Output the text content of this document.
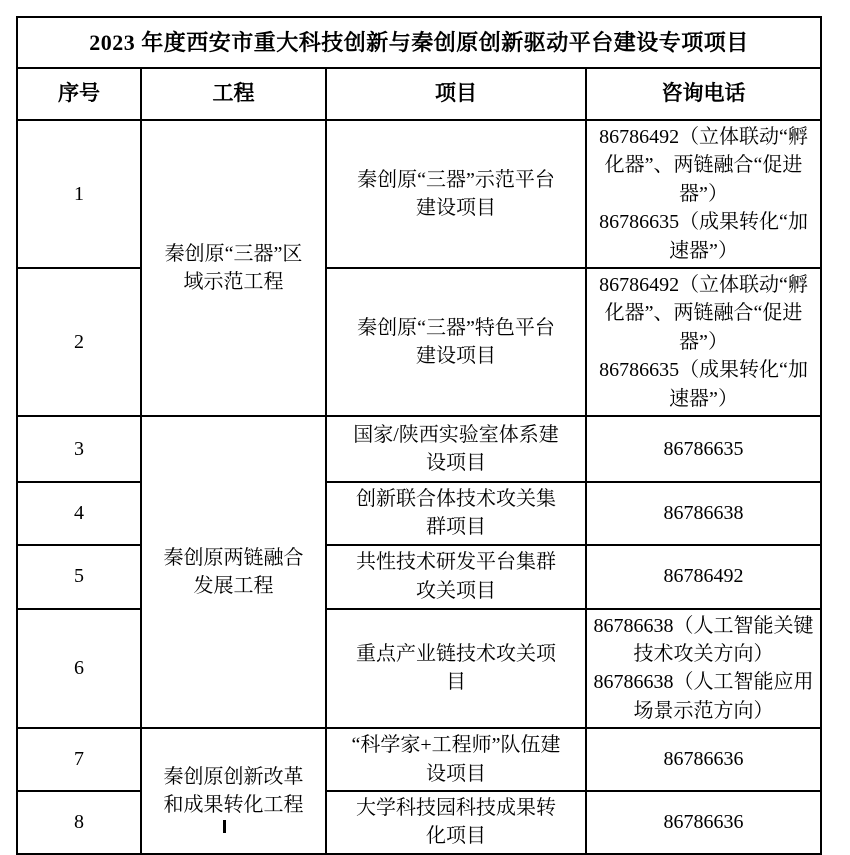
2023 年度西安市重大科技创新与秦创原创新驱动平台建设专项项目			
序号	工程	项目	咨询电话
1	秦创原“三器”区域示范工程	秦创原“三器”示范平台建设项目	86786492（立体联动“孵化器”、两链融合“促进器”）
86786635（成果转化“加速器”）

2		秦创原“三器”特色平台建设项目	86786492（立体联动“孵化器”、两链融合“促进器”）
86786635（成果转化“加速器”）

3	秦创原两链融合发展工程	国家/陕西实验室体系建设项目	86786635

4		创新联合体技术攻关集群项目	86786638

5		共性技术研发平台集群攻关项目	86786492

6		重点产业链技术攻关项目	86786638（人工智能关键技术攻关方向）
86786638（人工智能应用场景示范方向）

7	秦创原创新改革和成果转化工程	“科学家+工程师”队伍建设项目	86786636

8		大学科技园科技成果转化项目	86786636
